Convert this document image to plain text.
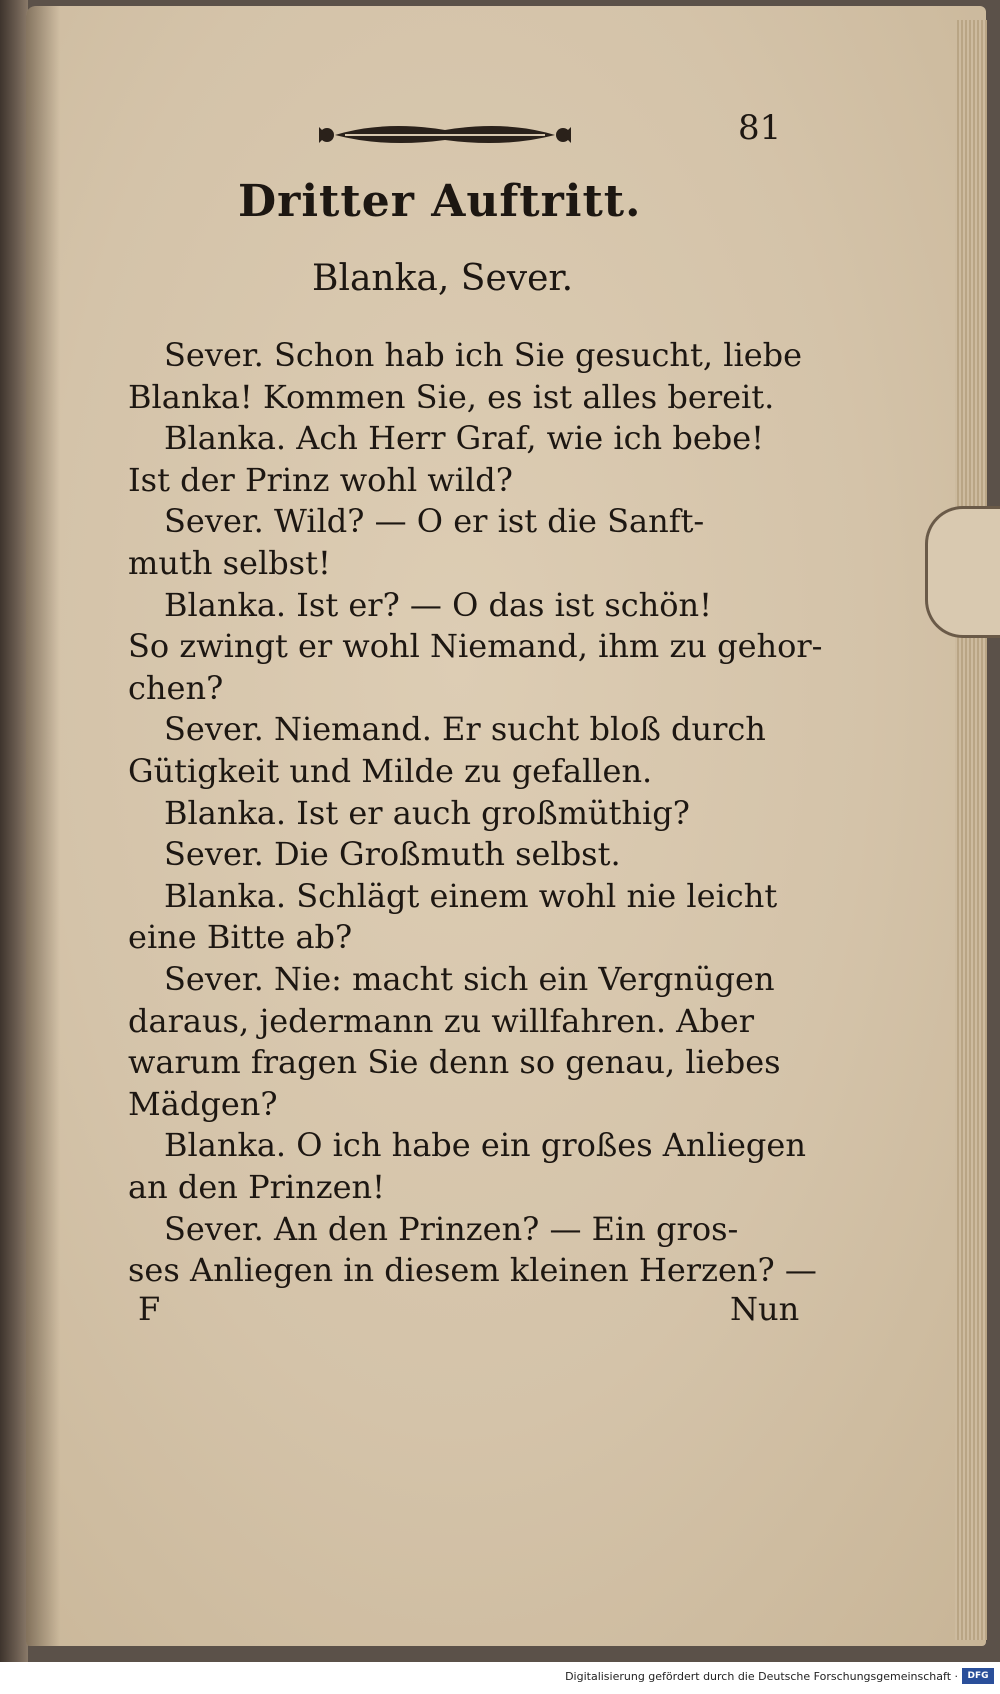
81
Dritter Auftritt.
Blanka, Sever.
Sever. Schon hab ich Sie gesucht, liebe
Blanka! Kommen Sie, es ist alles bereit.
Blanka. Ach Herr Graf, wie ich bebe!
Ist der Prinz wohl wild?
Sever. Wild? — O er ist die Sanft-
muth selbst!
Blanka. Ist er? — O das ist schön!
So zwingt er wohl Niemand, ihm zu gehor-
chen?
Sever. Niemand. Er sucht bloß durch
Gütigkeit und Milde zu gefallen.
Blanka. Ist er auch großmüthig?
Sever. Die Großmuth selbst.
Blanka. Schlägt einem wohl nie leicht
eine Bitte ab?
Sever. Nie: macht sich ein Vergnügen
daraus, jedermann zu willfahren. Aber
warum fragen Sie denn so genau, liebes
Mädgen?
Blanka. O ich habe ein großes Anliegen
an den Prinzen!
Sever. An den Prinzen? — Ein gros-
ses Anliegen in diesem kleinen Herzen? —
F	Nun
Digitalisierung gefördert durch die Deutsche Forschungsgemeinschaft ·	DFG
